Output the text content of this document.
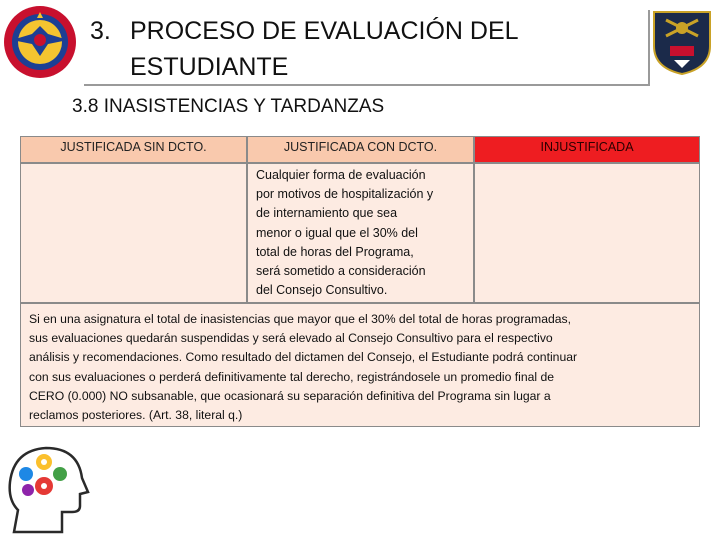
3. PROCESO DE EVALUACIÓN DEL
ESTUDIANTE
3.8 INASISTENCIAS Y TARDANZAS
JUSTIFICADA SIN DCTO.	JUSTIFICADA CON DCTO.	INJUSTIFICADA
Cualquier forma de evaluación
por motivos de hospitalización y
de internamiento que sea
menor o igual que el 30% del
total de horas del Programa,
será sometido a consideración
del Consejo Consultivo.
Si en una asignatura el total de inasistencias que mayor que el 30% del total de horas programadas,
sus evaluaciones quedarán suspendidas y será elevado al Consejo Consultivo para el respectivo
análisis y recomendaciones. Como resultado del dictamen del Consejo, el Estudiante podrá continuar
con sus evaluaciones o perderá definitivamente tal derecho, registrándosele un promedio final de
CERO (0.000) NO subsanable, que ocasionará su separación definitiva del Programa sin lugar a
reclamos posteriores. (Art. 38, literal q.)
